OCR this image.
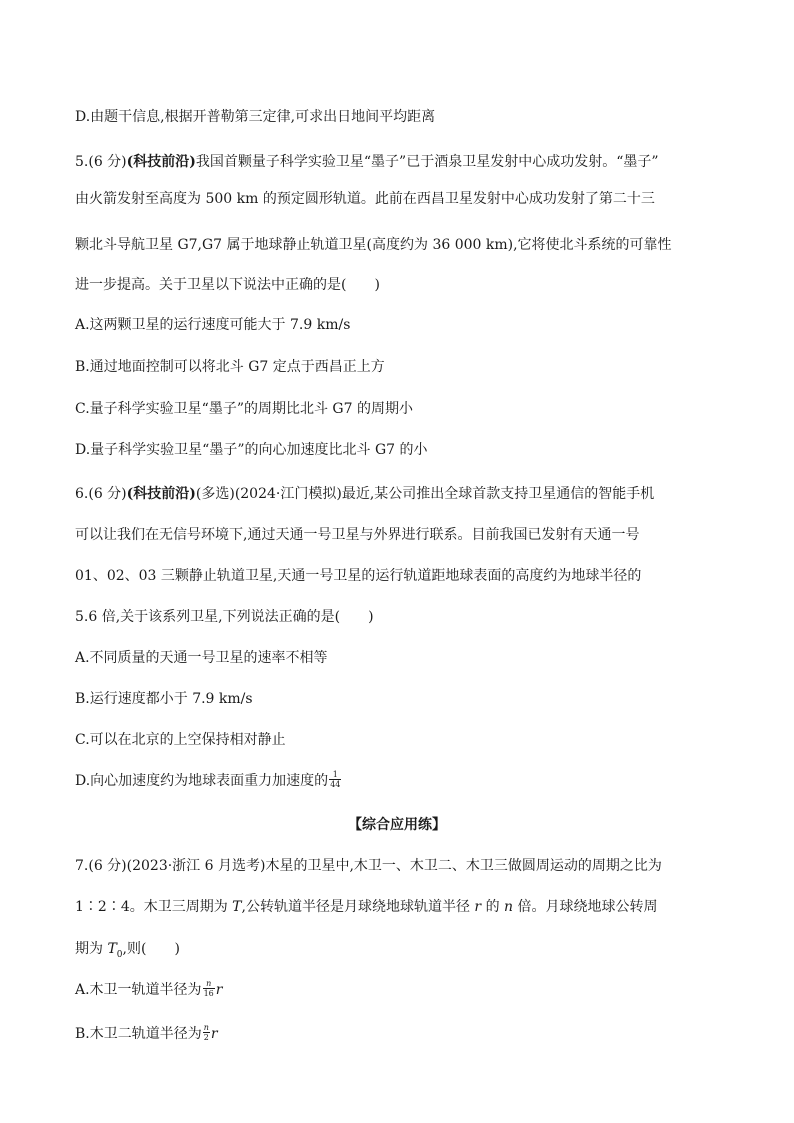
D.由题干信息,根据开普勒第三定律,可求出日地间平均距离
5.(6 分)(科技前沿)我国首颗量子科学实验卫星“墨子”已于酒泉卫星发射中心成功发射。“墨子”
由火箭发射至高度为 500 km 的预定圆形轨道。此前在西昌卫星发射中心成功发射了第二十三
颗北斗导航卫星 G7,G7 属于地球静止轨道卫星(高度约为 36 000 km),它将使北斗系统的可靠性
进一步提高。关于卫星以下说法中正确的是(　　)
A.这两颗卫星的运行速度可能大于 7.9 km/s
B.通过地面控制可以将北斗 G7 定点于西昌正上方
C.量子科学实验卫星“墨子”的周期比北斗 G7 的周期小
D.量子科学实验卫星“墨子”的向心加速度比北斗 G7 的小
6.(6 分)(科技前沿)(多选)(2024·江门模拟)最近,某公司推出全球首款支持卫星通信的智能手机
可以让我们在无信号环境下,通过天通一号卫星与外界进行联系。目前我国已发射有天通一号
01、02、03 三颗静止轨道卫星,天通一号卫星的运行轨道距地球表面的高度约为地球半径的
5.6 倍,关于该系列卫星,下列说法正确的是(　　)
A.不同质量的天通一号卫星的速率不相等
B.运行速度都小于 7.9 km/s
C.可以在北京的上空保持相对静止
D.向心加速度约为地球表面重力加速度的 $\frac{1}{44}$
【综合应用练】
7.(6 分)(2023·浙江 6 月选考)木星的卫星中,木卫一、木卫二、木卫三做圆周运动的周期之比为
1∶2∶4。木卫三周期为 T,公转轨道半径是月球绕地球轨道半径 r 的 n 倍。月球绕地球公转周
期为 $T_0$,则(　　)
A.木卫一轨道半径为 $\frac{n}{16}$ r
B.木卫二轨道半径为 $\frac{n}{2}$ r
